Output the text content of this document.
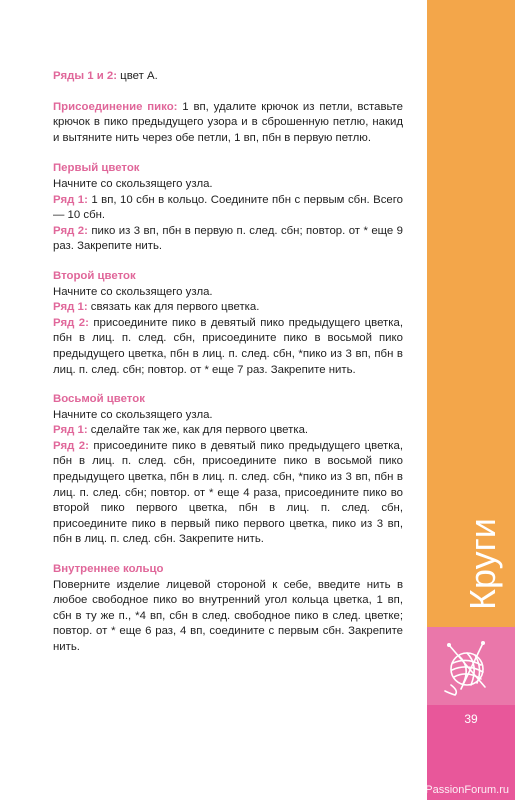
Ряды 1 и 2: цвет А.

Присоединение пико: 1 вп, удалите крючок из петли, вставьте крючок в пико предыдущего узора и в сброшенную петлю, накид и вытяните нить через обе петли, 1 вп, пбн в первую петлю.

Первый цветок
Начните со скользящего узла.
Ряд 1: 1 вп, 10 сбн в кольцо. Соедините пбн с первым сбн. Всего — 10 сбн.
Ряд 2: пико из 3 вп, пбн в первую п. след. сбн; повтор. от * еще 9 раз. Закрепите нить.
Второй цветок
Начните со скользящего узла.
Ряд 1: связать как для первого цветка.
Ряд 2: присоедините пико в девятый пико предыдущего цветка, пбн в лиц. п. след. сбн, присоедините пико в восьмой пико предыдущего цветка, пбн в лиц. п. след. сбн, *пико из 3 вп, пбн в лиц. п. след. сбн; повтор. от * еще 7 раз. Закрепите нить.
Восьмой цветок
Начните со скользящего узла.
Ряд 1: сделайте так же, как для первого цветка.
Ряд 2: присоедините пико в девятый пико предыдущего цветка, пбн в лиц. п. след. сбн, присоедините пико в восьмой пико предыдущего цветка, пбн в лиц. п. след. сбн, *пико из 3 вп, пбн в лиц. п. след. сбн; повтор. от * еще 4 раза, присоедините пико во второй пико первого цветка, пбн в лиц. п. след. сбн, присоедините пико в первый пико первого цветка, пико из 3 вп, пбн в лиц. п. след. сбн. Закрепите нить.
Внутреннее кольцо
Поверните изделие лицевой стороной к себе, введите нить в любое свободное пико во внутренний угол кольца цветка, 1 вп, сбн в ту же п., *4 вп, сбн в след. свободное пико в след. цветке; повтор. от * еще 6 раз, 4 вп, соедините с первым сбн. Закрепите нить.
Круги
39
PassionForum.ru
